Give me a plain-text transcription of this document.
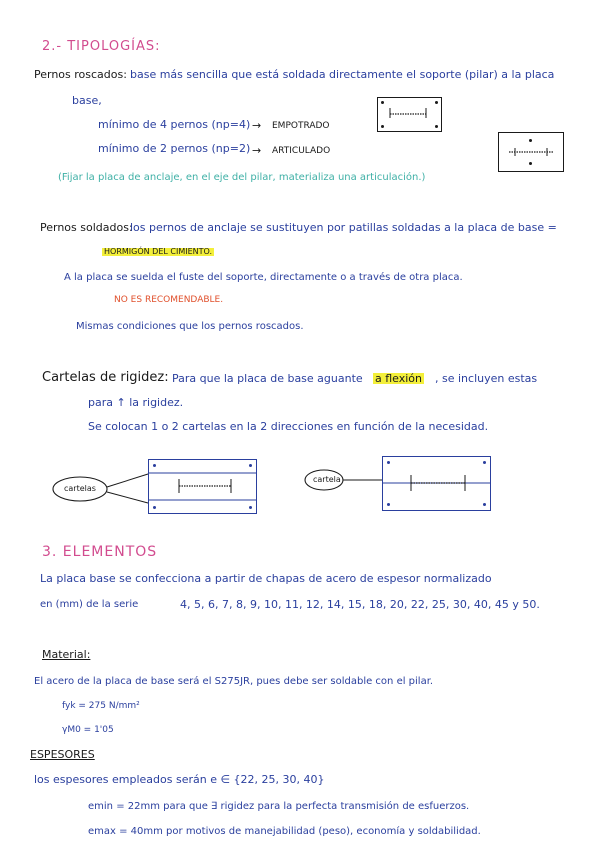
2.- TIPOLOGÍAS:
Pernos roscados: base más sencilla que está soldada directamente el soporte (pilar) a la placa
base,
mínimo de 4 pernos (np=4) → EMPOTRADO
mínimo de 2 pernos (np=2) → ARTICULADO
(Fijar la placa de anclaje, en el eje del pilar, materializa una articulación.)
Pernos soldados:
los pernos de anclaje se sustituyen por patillas soldadas a la placa de base =
HORMIGÓN DEL CIMIENTO.
A la placa se suelda el fuste del soporte, directamente o a través de otra placa.
NO ES RECOMENDABLE.
Mismas condiciones que los pernos roscados.
Cartelas de rigidez: Para que la placa de base aguante a flexión , se incluyen estas
para ↑ la rigidez.
Se colocan 1 o 2 cartelas en la 2 direcciones en función de la necesidad.
cartelas
cartela
3. ELEMENTOS
La placa base se confecciona a partir de chapas de acero de espesor normalizado
en (mm) de la serie	4, 5, 6, 7, 8, 9, 10, 11, 12, 14, 15, 18, 20, 22, 25, 30, 40, 45 y 50.
Material:
El acero de la placa de base será el S275JR, pues debe ser soldable con el pilar.
fyk = 275 N/mm²
γM0 = 1'05
ESPESORES
los espesores empleados serán e ∈ {22, 25, 30, 40}
emin = 22mm para que ∃ rigidez para la perfecta transmisión de esfuerzos.
emax = 40mm por motivos de manejabilidad (peso), economía y soldabilidad.
